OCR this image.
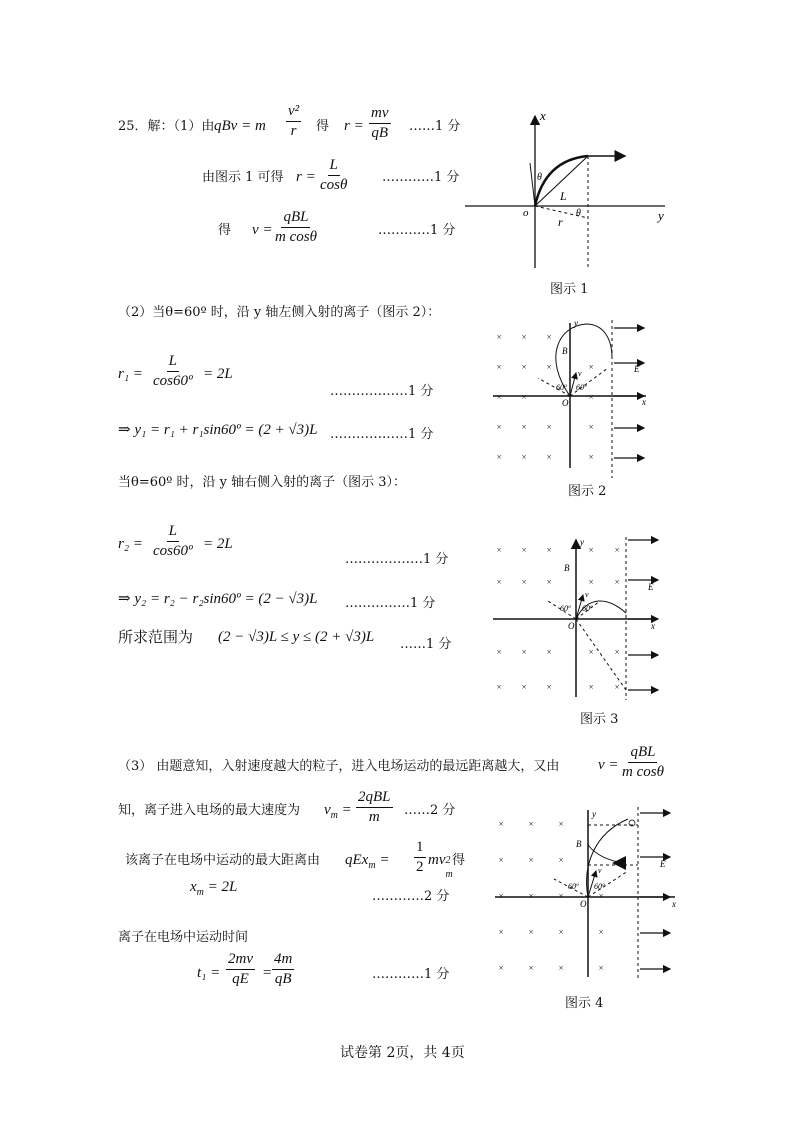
25．解：（1）由 qBv = m $\frac{\text{v²}}{r}$ 得 $r = \frac{mv}{qB}$ ……1 分
由图示 1 可得 $r = \frac{L}{\cos\theta}$	…………1 分
得 v =
qBL
m cosθ	…………1 分
x
y
o
L
r
θ
θ
图示 1
（2）当θ=60º 时，沿 y 轴左侧入射的离子（图示 2）：
$r_1 = \frac{L}{\text{cos60º}} = 2L$
………………1 分
⇒ y₁ = r₁ + r₁sin60º = (2 + √3)L ………………1 分
当θ=60º 时，沿 y 轴右侧入射的离子（图示 3）：
$r_2 = \frac{L}{\text{cos60º}} = 2L$
………………1 分
⇒ y₂ = r₂ − r₂sin60º = (2 − √3)L ……………1 分
所求范围为 (2 − √3)L ≤ y ≤ (2 + √3)L ……1 分
× × ×
× × ×	×
× ×	×
× × ×	×
× × ×	×
y
x
O
B
E
v
60º 60º
图示 2
× × ×	× ×
× × ×	× ×
× × ×	× ×
× × ×	× ×
y
x
O
B
E
v
60º 60º
图示 3
（3） 由题意知，入射速度越大的粒子，进入电场运动的最远距离越大，又由	v =
qBL
m cosθ
知，离子进入电场的最大速度为 $v_m$ =
2qBL
m ……2 分
该离子在电场中运动的最大距离由 $qEx_m = \frac{1}{2}$ mv 2
m
得
$x_m = 2L$
…………2 分
离子在电场中运动时间
$t_1 = \frac{2mv}{qE} = \frac{4m}{qB}$	…………1 分
×	×	×
×	×	×
×	×	×	×
×	×	×	×
×	×	×	×
y
x
O
B
E
v
60º 60º
图示 4
试卷第 2页，共 4页
